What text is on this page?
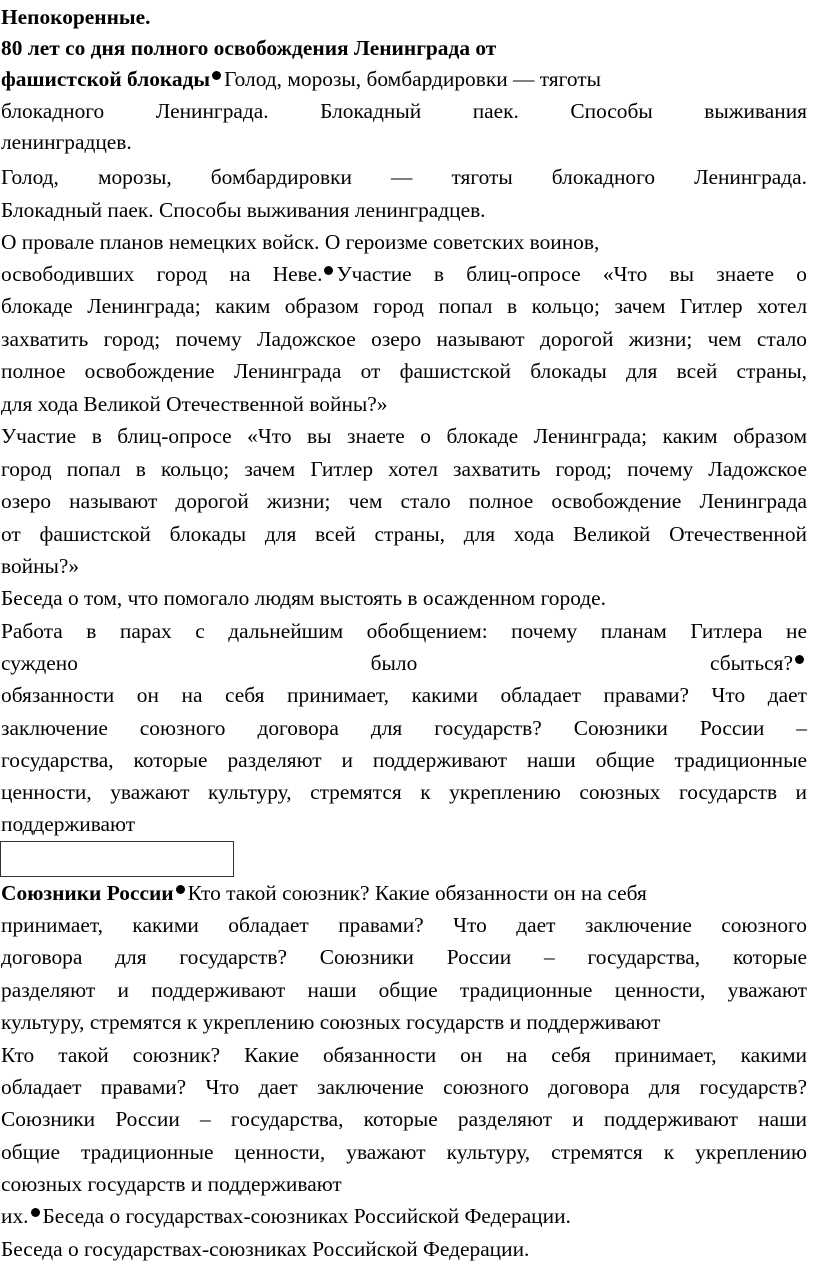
Непокоренные.
80 лет со дня полного освобождения Ленинграда от
фашистской блокады Голод, морозы, бомбардировки — тяготы
блокадного Ленинграда. Блокадный паек. Способы выживания
ленинградцев.
Голод, морозы, бомбардировки — тяготы блокадного Ленинграда.
Блокадный паек. Способы выживания ленинградцев.
О провале планов немецких войск. О героизме советских воинов,
освободивших город на Неве. Участие в блиц-опросе «Что вы знаете о
блокаде Ленинграда; каким образом город попал в кольцо; зачем Гитлер хотел
захватить город; почему Ладожское озеро называют дорогой жизни; чем стало
полное освобождение Ленинграда от фашистской блокады для всей страны,
для хода Великой Отечественной войны?»
Участие в блиц-опросе «Что вы знаете о блокаде Ленинграда; каким образом
город попал в кольцо; зачем Гитлер хотел захватить город; почему Ладожское
озеро называют дорогой жизни; чем стало полное освобождение Ленинграда
от фашистской блокады для всей страны, для хода Великой Отечественной
войны?»
Беседа о том, что помогало людям выстоять в осажденном городе.
Работа в парах с дальнейшим обобщением: почему планам Гитлера не
суждено	было	сбыться?
обязанности он на себя принимает, какими обладает правами? Что дает
заключение союзного договора для государств? Союзники России –
государства, которые разделяют и поддерживают наши общие традиционные
ценности, уважают культуру, стремятся к укреплению союзных государств и
поддерживают
Союзники России Кто такой союзник? Какие обязанности он на себя
принимает, какими обладает правами? Что дает заключение союзного
договора для государств? Союзники России – государства, которые
разделяют и поддерживают наши общие традиционные ценности, уважают
культуру, стремятся к укреплению союзных государств и поддерживают
Кто такой союзник? Какие обязанности он на себя принимает, какими
обладает правами? Что дает заключение союзного договора для государств?
Союзники России – государства, которые разделяют и поддерживают наши
общие традиционные ценности, уважают культуру, стремятся к укреплению
союзных государств и поддерживают
их. Беседа о государствах-союзниках Российской Федерации.
Беседа о государствах-союзниках Российской Федерации.
